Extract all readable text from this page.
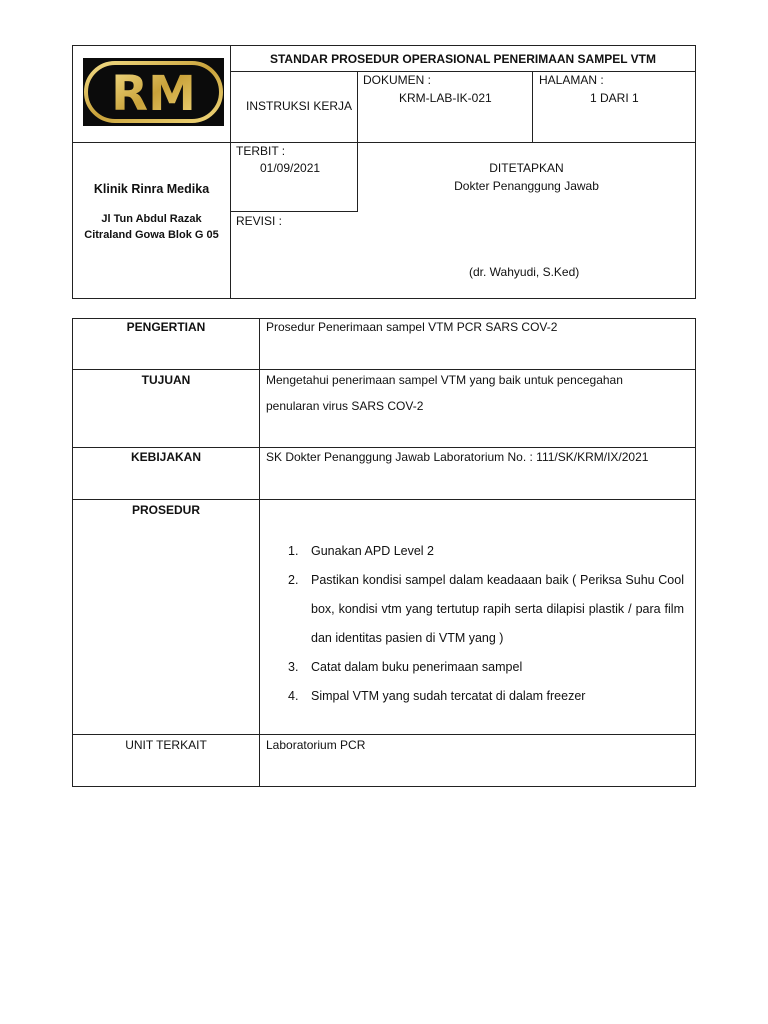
RM
STANDAR PROSEDUR OPERASIONAL PENERIMAAN SAMPEL VTM
INSTRUKSI KERJA
DOKUMEN :
KRM-LAB-IK-021
HALAMAN :
1 DARI 1
Klinik Rinra Medika
Jl Tun Abdul Razak
Citraland Gowa Blok G 05
TERBIT :
01/09/2021
REVISI :
DITETAPKAN
Dokter Penanggung Jawab
(dr. Wahyudi, S.Ked)
PENGERTIAN	Prosedur Penerimaan sampel VTM PCR SARS COV-2
TUJUAN	Mengetahui penerimaan sampel VTM yang baik untuk pencegahan
penularan virus SARS COV-2
KEBIJAKAN	SK Dokter Penanggung Jawab Laboratorium No. : 111/SK/KRM/IX/2021
PROSEDUR
1. Gunakan APD Level 2
2. Pastikan kondisi sampel dalam keadaaan baik ( Periksa Suhu Cool box, kondisi vtm yang tertutup rapih serta dilapisi plastik / para film dan identitas pasien di VTM yang )
3. Catat dalam buku penerimaan sampel
4. Simpal VTM yang sudah tercatat di dalam freezer
UNIT TERKAIT	Laboratorium PCR
